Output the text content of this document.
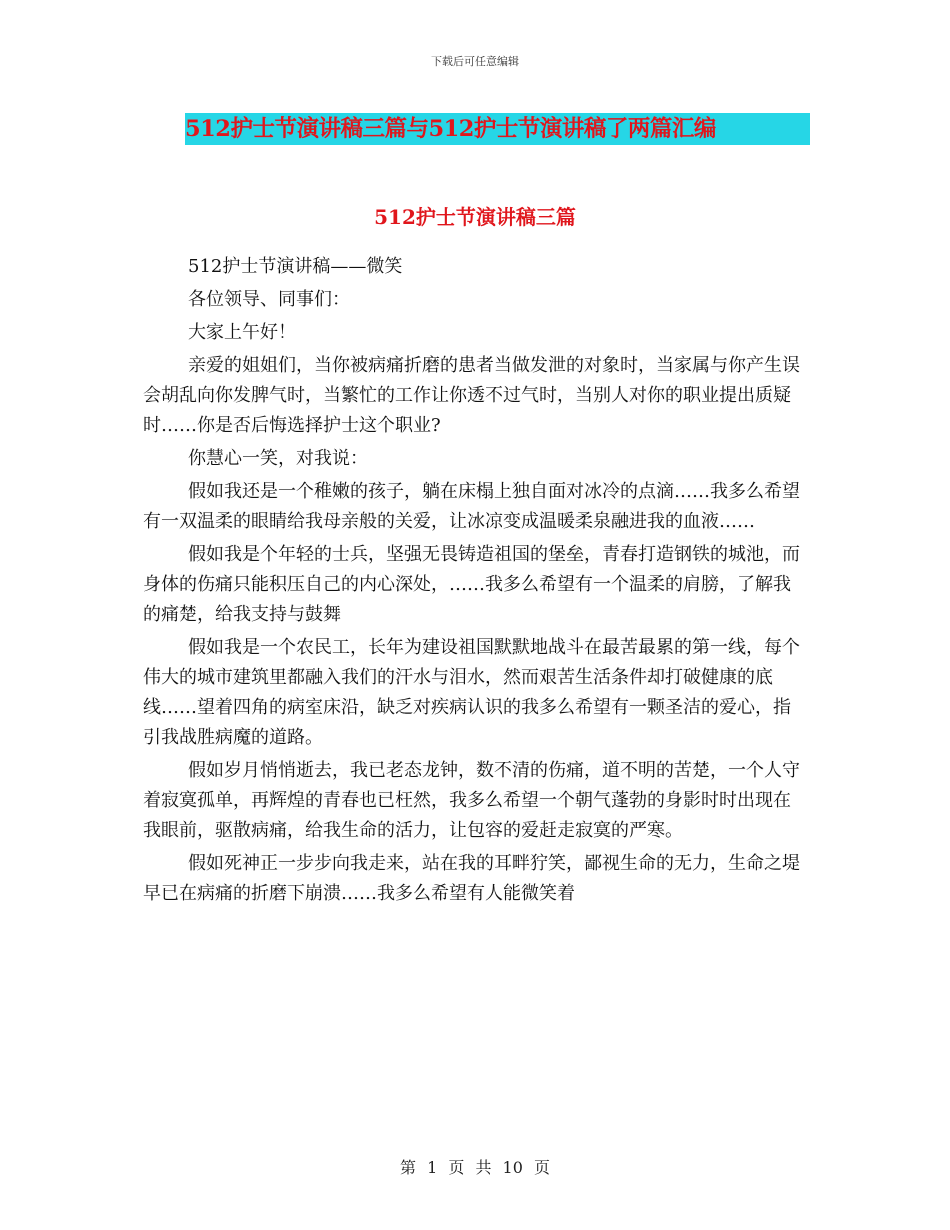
下载后可任意编辑
512护士节演讲稿三篇与512护士节演讲稿了两篇汇编
512护士节演讲稿三篇

512护士节演讲稿——微笑

各位领导、同事们：

大家上午好！

亲爱的姐姐们，当你被病痛折磨的患者当做发泄的对象时，当家属与你产生误会胡乱向你发脾气时，当繁忙的工作让你透不过气时，当别人对你的职业提出质疑时……你是否后悔选择护士这个职业?

你慧心一笑，对我说：

假如我还是一个稚嫩的孩子，躺在床榻上独自面对冰冷的点滴……我多么希望有一双温柔的眼睛给我母亲般的关爱，让冰凉变成温暖柔泉融进我的血液……

假如我是个年轻的士兵，坚强无畏铸造祖国的堡垒，青春打造钢铁的城池，而身体的伤痛只能积压自己的内心深处，……我多么希望有一个温柔的肩膀，了解我的痛楚，给我支持与鼓舞

假如我是一个农民工，长年为建设祖国默默地战斗在最苦最累的第一线，每个伟大的城市建筑里都融入我们的汗水与泪水，然而艰苦生活条件却打破健康的底线……望着四角的病室床沿，缺乏对疾病认识的我多么希望有一颗圣洁的爱心，指引我战胜病魔的道路。

假如岁月悄悄逝去，我已老态龙钟，数不清的伤痛，道不明的苦楚，一个人守着寂寞孤单，再辉煌的青春也已枉然，我多么希望一个朝气蓬勃的身影时时出现在我眼前，驱散病痛，给我生命的活力，让包容的爱赶走寂寞的严寒。

假如死神正一步步向我走来，站在我的耳畔狞笑，鄙视生命的无力，生命之堤早已在病痛的折磨下崩溃……我多么希望有人能微笑着

第 1 页 共 10 页
